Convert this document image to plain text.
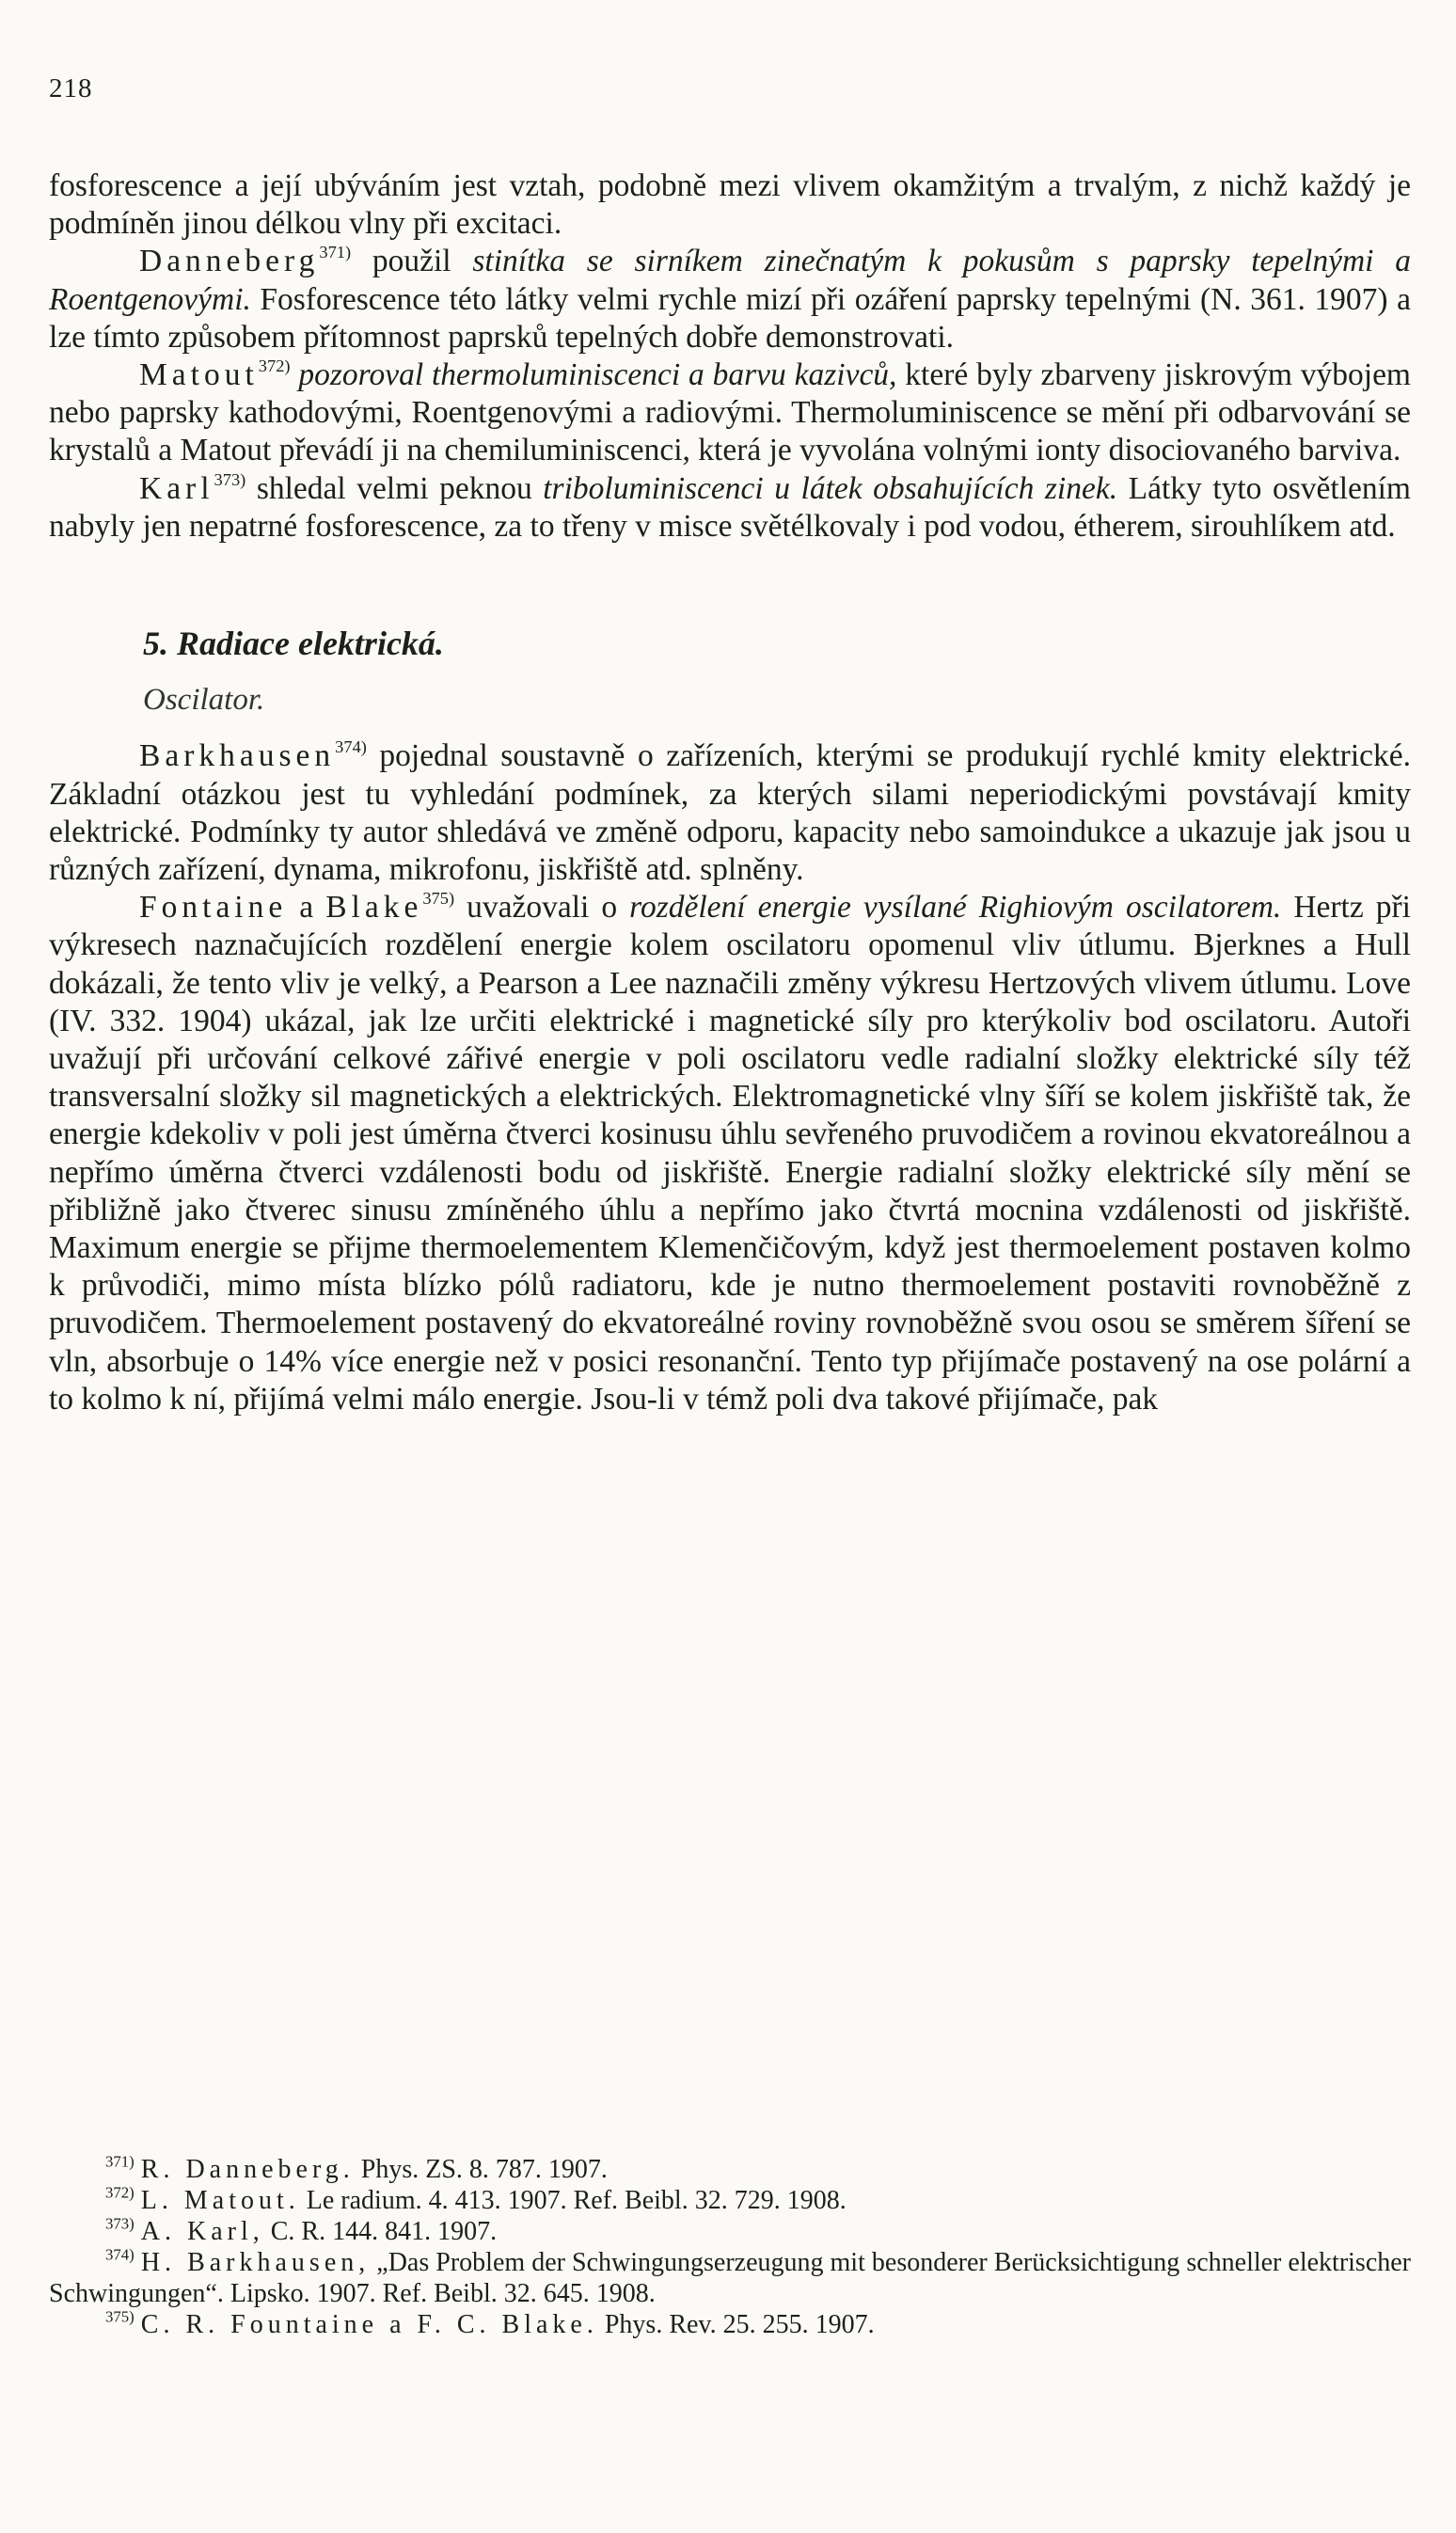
218

fosforescence a její ubýváním jest vztah, podobně mezi vlivem okamžitým a trvalým, z nichž každý je podmíněn jinou délkou vlny při excitaci.

Danneberg$^{371)}$ použil stinítka se sirníkem zinečnatým k pokusům s paprsky tepelnými a Roentgenovými. Fosforescence této látky velmi rychle mizí při ozáření paprsky tepelnými (N. 361. 1907) a lze tímto způsobem přítomnost paprsků tepelných dobře demonstrovati.

Matout$^{372)}$ pozoroval thermoluminiscenci a barvu kazivců, které byly zbarveny jiskrovým výbojem nebo paprsky kathodovými, Roentgenovými a radiovými. Thermoluminiscence se mění při odbarvování se krystalů a Matout převádí ji na chemiluminiscenci, která je vyvolána volnými ionty disociovaného barviva.

Karl$^{373)}$ shledal velmi peknou triboluminiscenci u látek obsahujících zinek. Látky tyto osvětlením nabyly jen nepatrné fosforescence, za to třeny v misce světélkovaly i pod vodou, étherem, sirouhlíkem atd.

5. Radiace elektrická.
Oscilator.

Barkhausen$^{374)}$ pojednal soustavně o zařízeních, kterými se produkují rychlé kmity elektrické. Základní otázkou jest tu vyhledání podmínek, za kterých silami neperiodickými povstávají kmity elektrické. Podmínky ty autor shledává ve změně odporu, kapacity nebo samoindukce a ukazuje jak jsou u různých zařízení, dynama, mikrofonu, jiskřiště atd. splněny.

Fontaine a Blake$^{375)}$ uvažovali o rozdělení energie vysílané Righiovým oscilatorem. Hertz při výkresech naznačujících rozdělení energie kolem oscilatoru opomenul vliv útlumu. Bjerknes a Hull dokázali, že tento vliv je velký, a Pearson a Lee naznačili změny výkresu Hertzových vlivem útlumu. Love (IV. 332. 1904) ukázal, jak lze určiti elektrické i magnetické síly pro kterýkoliv bod oscilatoru. Autoři uvažují při určování celkové zářivé energie v poli oscilatoru vedle radialní složky elektrické síly též transversalní složky sil magnetických a elektrických. Elektromagnetické vlny šíří se kolem jiskřiště tak, že energie kdekoliv v poli jest úměrna čtverci kosinusu úhlu sevřeného pruvodičem a rovinou ekvatoreálnou a nepřímo úměrna čtverci vzdálenosti bodu od jiskřiště. Energie radialní složky elektrické síly mění se přibližně jako čtverec sinusu zmíněného úhlu a nepřímo jako čtvrtá mocnina vzdálenosti od jiskřiště. Maximum energie se přijme thermoelementem Klemenčičovým, když jest thermoelement postaven kolmo k průvodiči, mimo místa blízko pólů radiatoru, kde je nutno thermoelement postaviti rovnoběžně z pruvodičem. Thermoelement postavený do ekvatoreálné roviny rovnoběžně svou osou se směrem šíření se vln, absorbuje o 14% více energie než v posici resonanční. Tento typ přijímače postavený na ose polární a to kolmo k ní, přijímá velmi málo energie. Jsou-li v témž poli dva takové přijímače, pak

$^{371)}$ R. Danneberg. Phys. ZS. 8. 787. 1907.

$^{372)}$ L. Matout. Le radium. 4. 413. 1907. Ref. Beibl. 32. 729. 1908.

$^{373)}$ A. Karl, C. R. 144. 841. 1907.

$^{374)}$ H. Barkhausen, „Das Problem der Schwingungserzeugung mit besonderer Berücksichtigung schneller elektrischer Schwingungen“. Lipsko. 1907. Ref. Beibl. 32. 645. 1908.

$^{375)}$ C. R. Fountaine a F. C. Blake. Phys. Rev. 25. 255. 1907.
